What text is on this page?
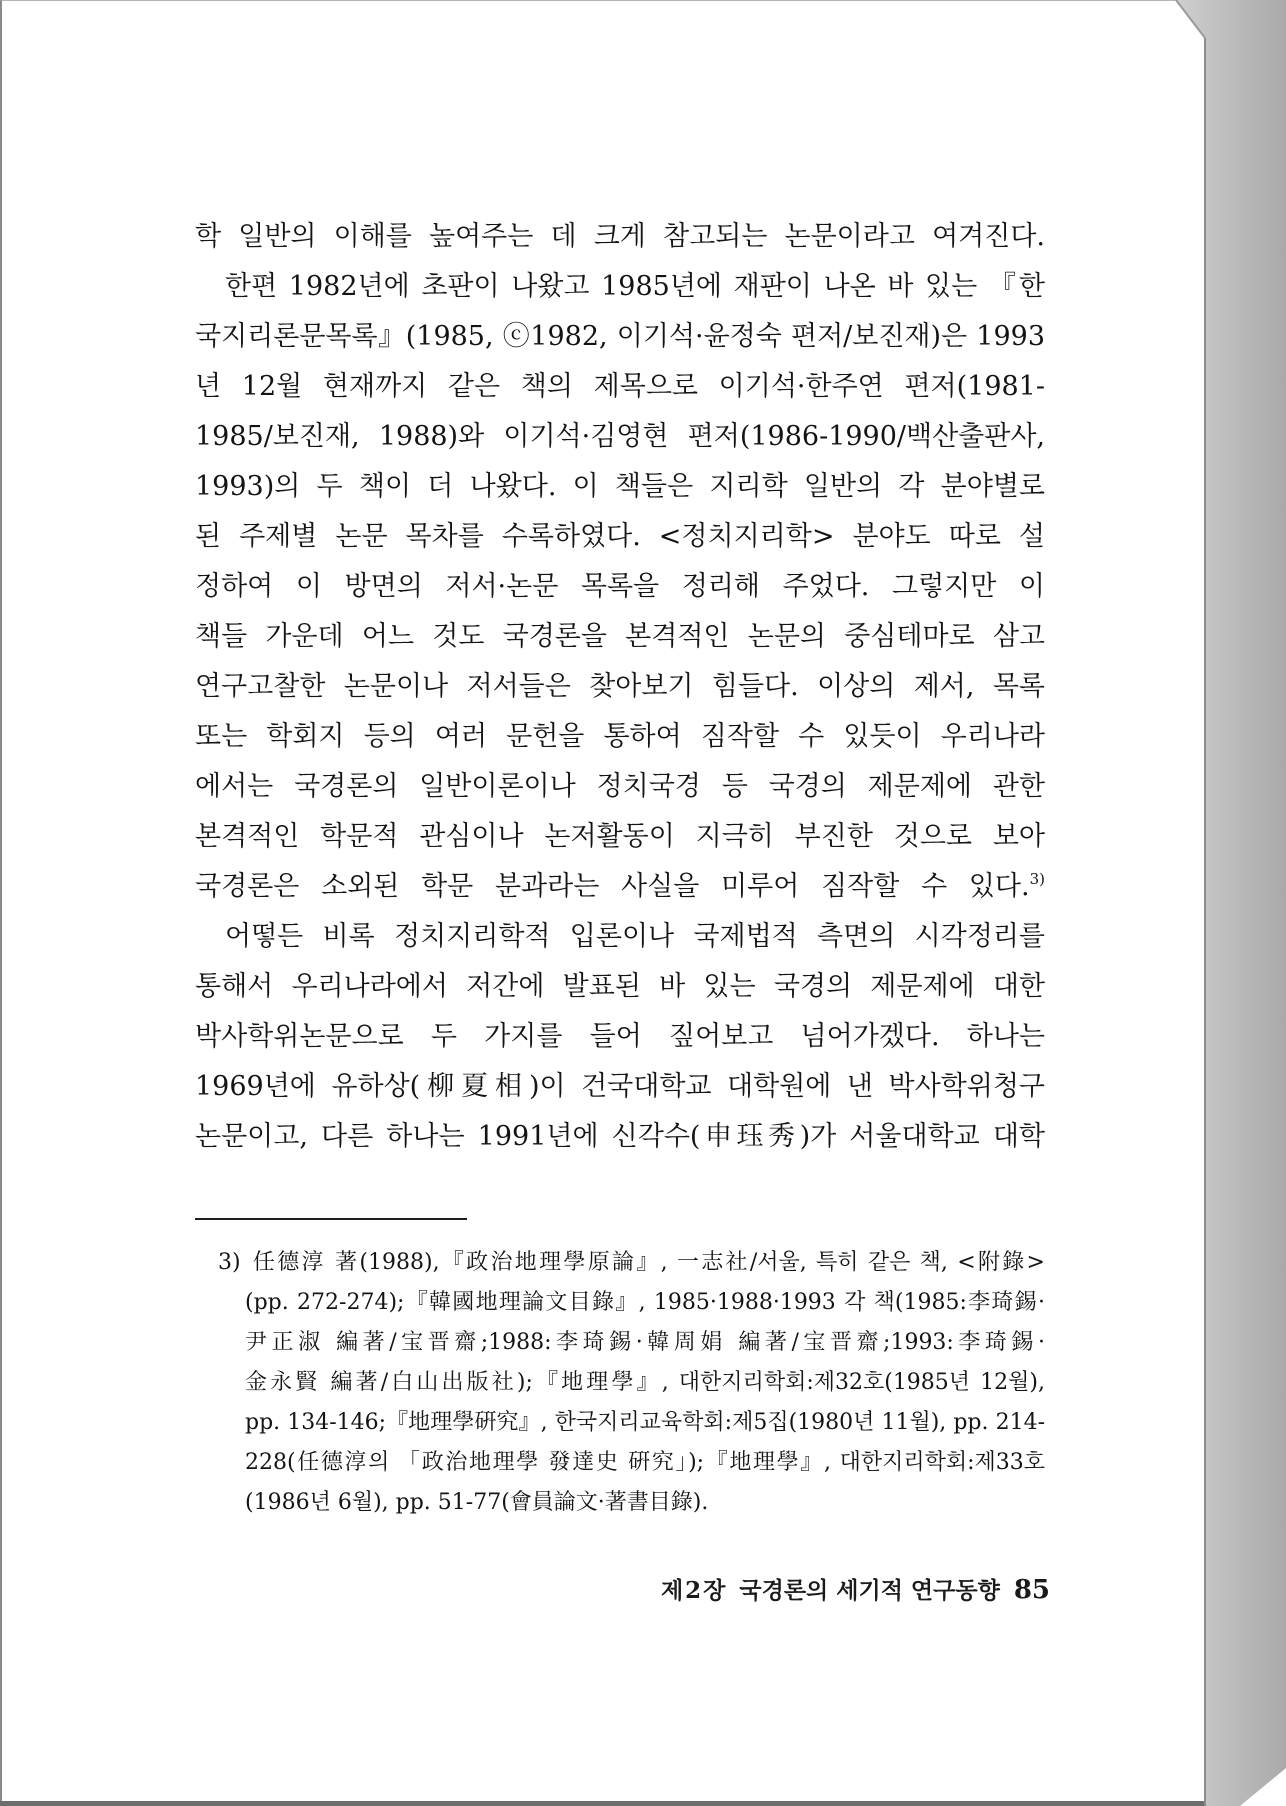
학 일반의 이해를 높여주는 데 크게 참고되는 논문이라고 여겨진다.
한편 1982년에 초판이 나왔고 1985년에 재판이 나온 바 있는 『한
국지리론문목록』(1985, ⓒ1982, 이기석·윤정숙 편저/보진재)은 1993
년 12월 현재까지 같은 책의 제목으로 이기석·한주연 편저(1981-
1985/보진재, 1988)와 이기석·김영현 편저(1986-1990/백산출판사,
1993)의 두 책이 더 나왔다. 이 책들은 지리학 일반의 각 분야별로
된 주제별 논문 목차를 수록하였다. <정치지리학> 분야도 따로 설
정하여 이 방면의 저서·논문 목록을 정리해 주었다. 그렇지만 이
책들 가운데 어느 것도 국경론을 본격적인 논문의 중심테마로 삼고
연구고찰한 논문이나 저서들은 찾아보기 힘들다. 이상의 제서, 목록
또는 학회지 등의 여러 문헌을 통하여 짐작할 수 있듯이 우리나라
에서는 국경론의 일반이론이나 정치국경 등 국경의 제문제에 관한
본격적인 학문적 관심이나 논저활동이 지극히 부진한 것으로 보아
국경론은 소외된 학문 분과라는 사실을 미루어 짐작할 수 있다.$^{3)}$
어떻든 비록 정치지리학적 입론이나 국제법적 측면의 시각정리를
통해서 우리나라에서 저간에 발표된 바 있는 국경의 제문제에 대한
박사학위논문으로 두 가지를 들어 짚어보고 넘어가겠다. 하나는
1969년에 유하상(柳夏相)이 건국대학교 대학원에 낸 박사학위청구
논문이고, 다른 하나는 1991년에 신각수(申珏秀)가 서울대학교 대학
3) 任德淳 著(1988),『政治地理學原論』, 一志社/서울, 특히 같은 책, <附錄>
(pp. 272-274);『韓國地理論文目錄』, 1985·1988·1993 각 책(1985:李琦錫·
尹正淑 編著/宝晋齋;1988:李琦錫·韓周娟 編著/宝晋齋;1993:李琦錫·
金永賢 編著/白山出版社);『地理學』, 대한지리학회:제32호(1985년 12월),
pp. 134-146;『地理學硏究』, 한국지리교육학회:제5집(1980년 11월), pp. 214-
228(任德淳의 「政治地理學 發達史 硏究」);『地理學』, 대한지리학회:제33호
(1986년 6월), pp. 51-77(會員論文·著書目錄).
제2장 국경론의 세기적 연구동향 85
